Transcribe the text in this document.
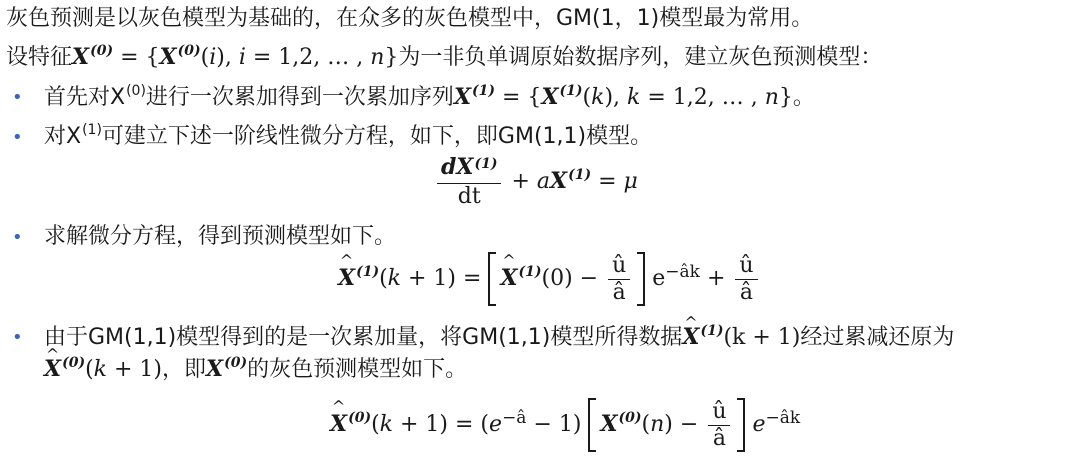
灰色预测是以灰色模型为基础的，在众多的灰色模型中，GM(1，1)模型最为常用。
设特征$X^{(0)} = \{X^{(0)}(i)$, i = 1,2, … , n}为一非负单调原始数据序列，建立灰色预测模型：
• 首先对$X^{(0)}$进行一次累加得到一次累加序列$X^{(1)} = \{X^{(1)}(k)$, k = 1,2, … , n}。
• 对$X^{(1)}$可建立下述一阶线性微分方程，如下，即GM(1,1)模型。
$\frac{dX^{(1)}}{dt} + aX^{(1)} = \mu$
• 求解微分方程，得到预测模型如下。
^ $X^{(1)}(k + 1)$ = ^ $X^{(1)}(0) - \frac{û}{â} e^{-âk} + \frac{û}{â}$
• 由于GM(1,1)模型得到的是一次累加量，将GM(1,1)模型所得数据^ $X^{(1)}(k + 1)$经过累减还原为
^ $X^{(0)}(k + 1)$，即$X^{(0)}$的灰色预测模型如下。
^ $X^{(0)}(k + 1) = (e^{-â} - 1) X^{(0)}(n) - \frac{û}{â} e^{-âk}$
